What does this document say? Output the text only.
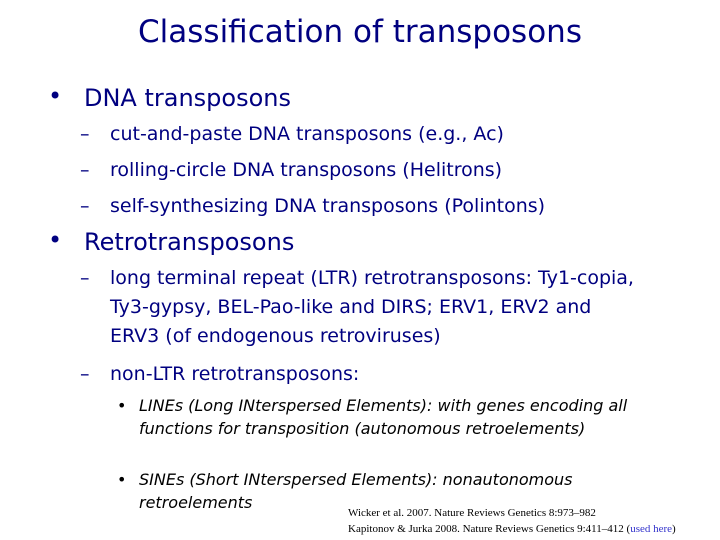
Classification of transposons
• DNA transposons
– cut-and-paste DNA transposons (e.g., Ac)
– rolling-circle DNA transposons (Helitrons)
– self-synthesizing DNA transposons (Polintons)
• Retrotransposons
– long terminal repeat (LTR) retrotransposons: Ty1-copia, Ty3-gypsy, BEL-Pao-like and DIRS; ERV1, ERV2 and ERV3 (of endogenous retroviruses)
– non-LTR retrotransposons:
• LINEs (Long INterspersed Elements): with genes encoding all functions for transposition (autonomous retroelements)
• SINEs (Short INterspersed Elements): nonautonomous retroelements
Wicker et al. 2007. Nature Reviews Genetics 8:973–982
Kapitonov & Jurka 2008. Nature Reviews Genetics 9:411–412 (used here)
